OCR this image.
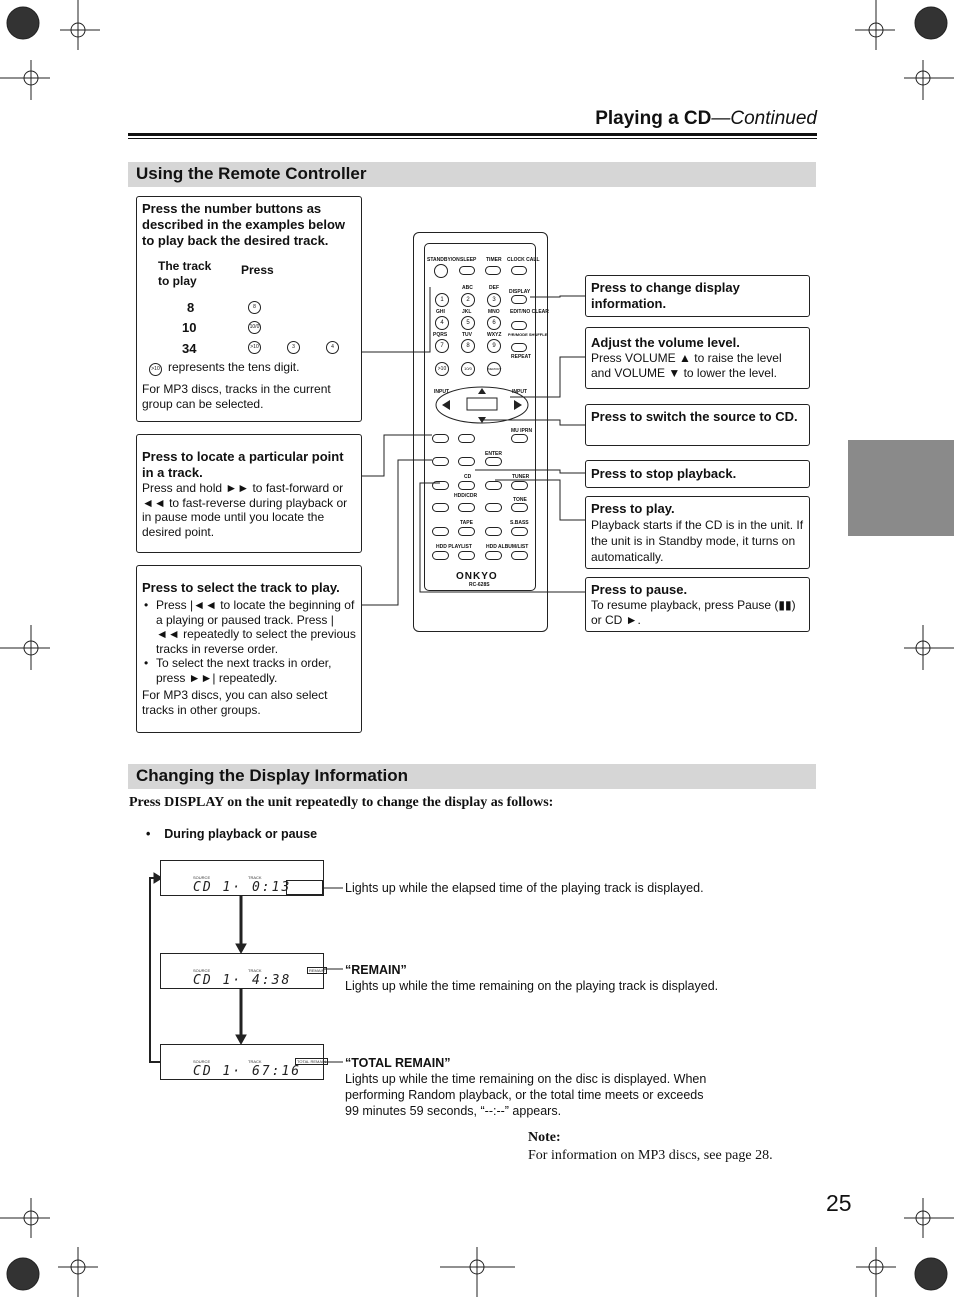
Playing a CD—Continued
Using the Remote Controller
Press the number buttons as described in the examples below to play back the desired track.
The track to play
Press
8	8
10	10/0
34	>10	3	4
>10 represents the tens digit.
For MP3 discs, tracks in the current group can be selected.
Press to locate a particular point in a track.
Press and hold ►► to fast-forward or ◄◄ to fast-reverse during playback or in pause mode until you locate the desired point.
Press to select the track to play.
• Press |◄◄ to locate the beginning of a playing or paused track. Press |◄◄ repeatedly to select the previous tracks in reverse order.
• To select the next tracks in order, press ►►| repeatedly.
For MP3 discs, you can also select tracks in other groups.
STANDBY/ON SLEEP TIMER CLOCK CALL
ABC	DEF
DISPLAY
1	2	3
GHI	JKL	MNO EDIT/NO CLEAR
4	5	6
PQRS	TUV	WXYZ P/R/MODE SHUFFLE
7	8	9
REPEAT
>10	10/0	MEMORY
INPUT	INPUT
MU IPRN
ENTER
CD	TUNER
HDD/CDR
TONE
TAPE	S.BASS
HDD PLAYLIST	HDD ALBUM/LIST
ONKYO
RC-628S
Press to change display information.
Adjust the volume level.
Press VOLUME ▲ to raise the level and VOLUME ▼ to lower the level.
Press to switch the source to CD.
Press to stop playback.
Press to play.
Playback starts if the CD is in the unit. If the unit is in Standby mode, it turns on automatically.
Press to pause.
To resume playback, press Pause (▮▮) or CD ►.
Changing the Display Information
Press DISPLAY on the unit repeatedly to change the display as follows:
•    During playback or pause
SOURCE	TRACK
CD 1· 0:13	Lights up while the elapsed time of the playing track is displayed.
SOURCE	TRACK	REMAIN
CD 1· 4:38
“REMAIN”
Lights up while the time remaining on the playing track is displayed.
SOURCE	TRACK	TOTAL REMAIN
CD 1· 67:16
“TOTAL REMAIN”
Lights up while the time remaining on the disc is displayed. When performing Random playback, or the total time meets or exceeds 99 minutes 59 seconds, “--:--” appears.
Note:
For information on MP3 discs, see page 28.
25
